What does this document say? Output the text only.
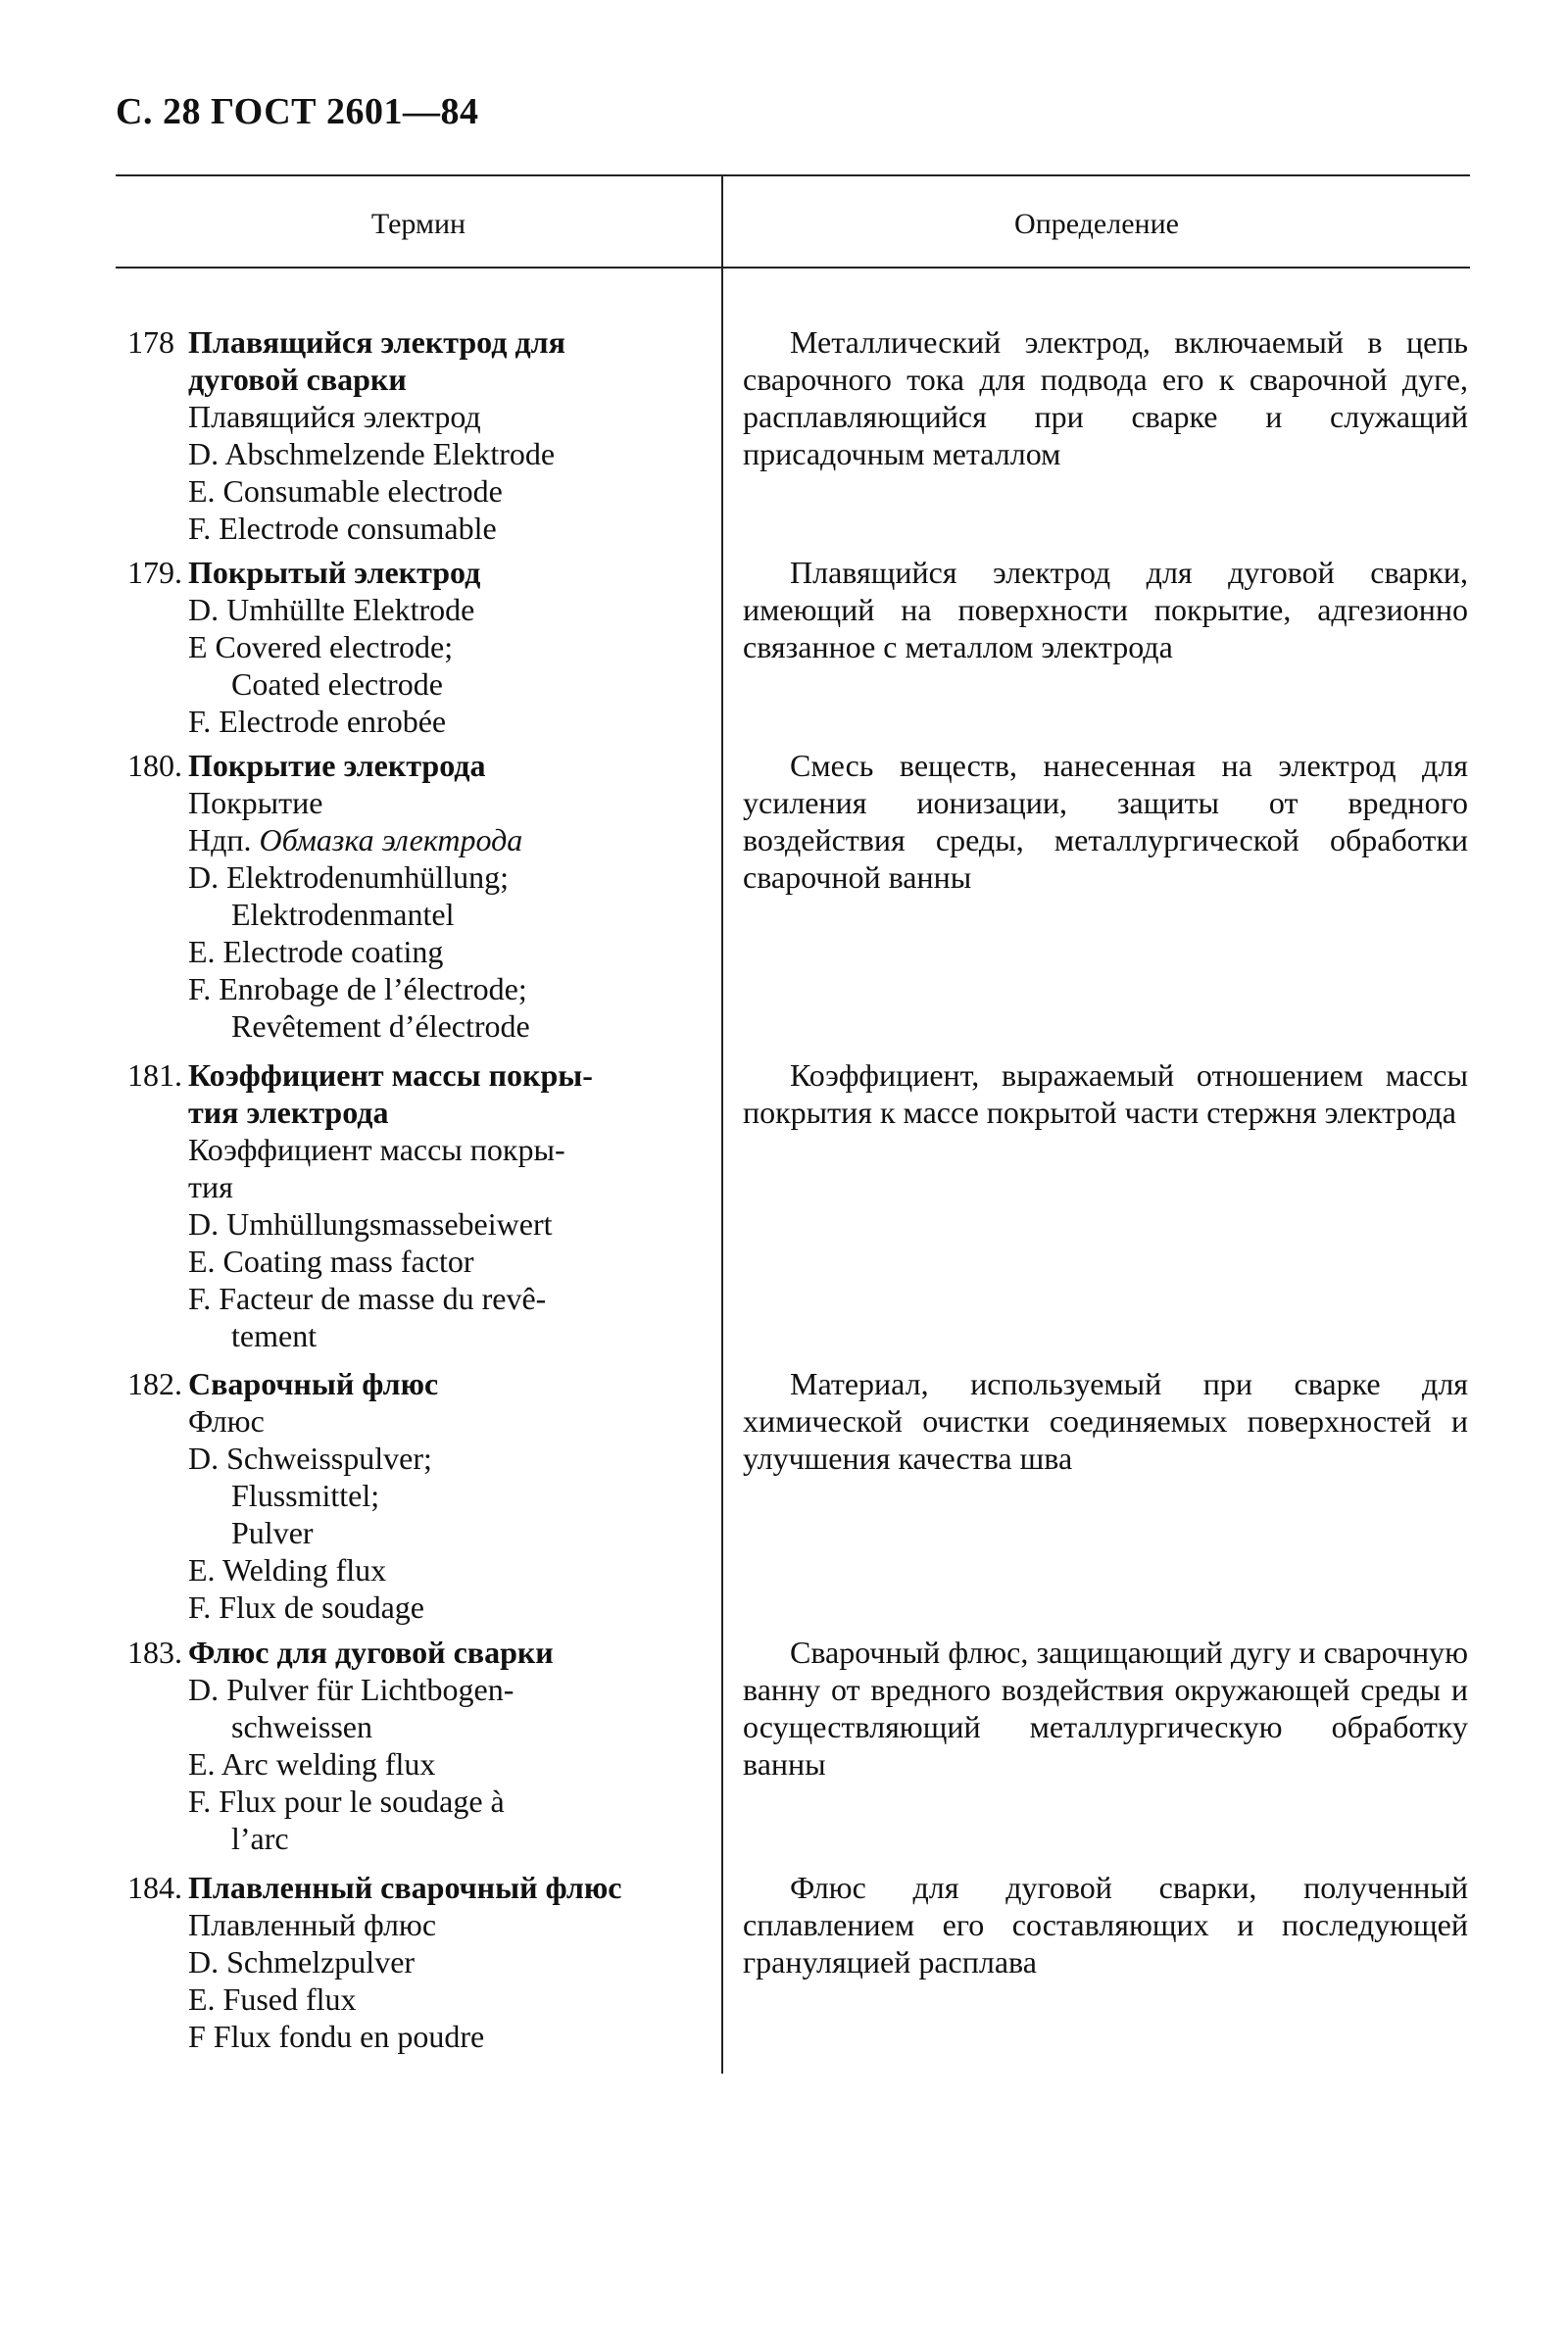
С. 28 ГОСТ 2601—84
Термин	Определение
178 Плавящийся электрод для
дуговой сварки
Плавящийся электрод
D. Abschmelzende Elektrode
E. Consumable electrode
F. Electrode consumable
Металлический электрод, включаемый в цепь сварочного тока для подвода его к сварочной дуге, расплавляющийся при сварке и служащий присадочным металлом
179. Покрытый электрод
D. Umhüllte Elektrode
E Covered electrode;
Coated electrode
F. Electrode enrobée
Плавящийся электрод для дуговой сварки, имеющий на поверхности покрытие, адгезионно связанное с металлом электрода
180. Покрытие электрода
Покрытие
Ндп. Обмазка электрода
D. Elektrodenumhüllung;
Elektrodenmantel
E. Electrode coating
F. Enrobage de l’électrode;
Revêtement d’électrode
Смесь веществ, нанесенная на электрод для усиления ионизации, защиты от вредного воздействия среды, металлургической обработки сварочной ванны
181. Коэффициент массы покры-
тия электрода
Коэффициент массы покры-
тия
D. Umhüllungsmassebeiwert
E. Coating mass factor
F. Facteur de masse du revê-
tement
Коэффициент, выражаемый отношением массы покрытия к массе покрытой части стержня электрода
182. Сварочный флюс
Флюс
D. Schweisspulver;
Flussmittel;
Pulver
E. Welding flux
F. Flux de soudage
Материал, используемый при сварке для химической очистки соединяемых поверхностей и улучшения качества шва
183. Флюс для дуговой сварки
D. Pulver für Lichtbogen-
schweissen
E. Arc welding flux
F. Flux pour le soudage à
l’arc
Сварочный флюс, защищающий дугу и сварочную ванну от вредного воздействия окружающей среды и осуществляющий металлургическую обработку ванны
184. Плавленный сварочный флюс
Плавленный флюс
D. Schmelzpulver
E. Fused flux
F Flux fondu en poudre
Флюс для дуговой сварки, полученный сплавлением его составляющих и последующей грануляцией расплава
